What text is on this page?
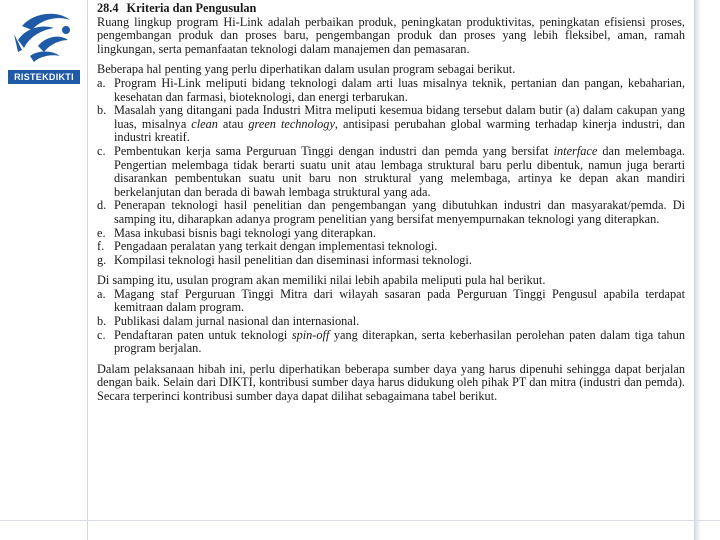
RISTEKDIKTI
28.4 Kriteria dan Pengusulan

Ruang lingkup program Hi-Link adalah perbaikan produk, peningkatan produktivitas, peningkatan efisiensi proses, pengembangan produk dan proses baru, pengembangan produk dan proses yang lebih fleksibel, aman, ramah lingkungan, serta pemanfaatan teknologi dalam manajemen dan pemasaran.

Beberapa hal penting yang perlu diperhatikan dalam usulan program sebagai berikut.

a. Program Hi-Link meliputi bidang teknologi dalam arti luas misalnya teknik, pertanian dan pangan, kebaharian, kesehatan dan farmasi, bioteknologi, dan energi terbarukan.
b. Masalah yang ditangani pada Industri Mitra meliputi kesemua bidang tersebut dalam butir (a) dalam cakupan yang luas, misalnya clean atau green technology, antisipasi perubahan global warming terhadap kinerja industri, dan industri kreatif.
c. Pembentukan kerja sama Perguruan Tinggi dengan industri dan pemda yang bersifat interface dan melembaga. Pengertian melembaga tidak berarti suatu unit atau lembaga struktural baru perlu dibentuk, namun juga berarti disarankan pembentukan suatu unit baru non struktural yang melembaga, artinya ke depan akan mandiri berkelanjutan dan berada di bawah lembaga struktural yang ada.
d. Penerapan teknologi hasil penelitian dan pengembangan yang dibutuhkan industri dan masyarakat/pemda. Di samping itu, diharapkan adanya program penelitian yang bersifat menyempurnakan teknologi yang diterapkan.
e. Masa inkubasi bisnis bagi teknologi yang diterapkan.
f. Pengadaan peralatan yang terkait dengan implementasi teknologi.
g. Kompilasi teknologi hasil penelitian dan diseminasi informasi teknologi.

Di samping itu, usulan program akan memiliki nilai lebih apabila meliputi pula hal berikut.

a. Magang staf Perguruan Tinggi Mitra dari wilayah sasaran pada Perguruan Tinggi Pengusul apabila terdapat kemitraan dalam program.
b. Publikasi dalam jurnal nasional dan internasional.
c. Pendaftaran paten untuk teknologi spin-off yang diterapkan, serta keberhasilan perolehan paten dalam tiga tahun program berjalan.

Dalam pelaksanaan hibah ini, perlu diperhatikan beberapa sumber daya yang harus dipenuhi sehingga dapat berjalan dengan baik. Selain dari DIKTI, kontribusi sumber daya harus didukung oleh pihak PT dan mitra (industri dan pemda). Secara terperinci kontribusi sumber daya dapat dilihat sebagaimana tabel berikut.
